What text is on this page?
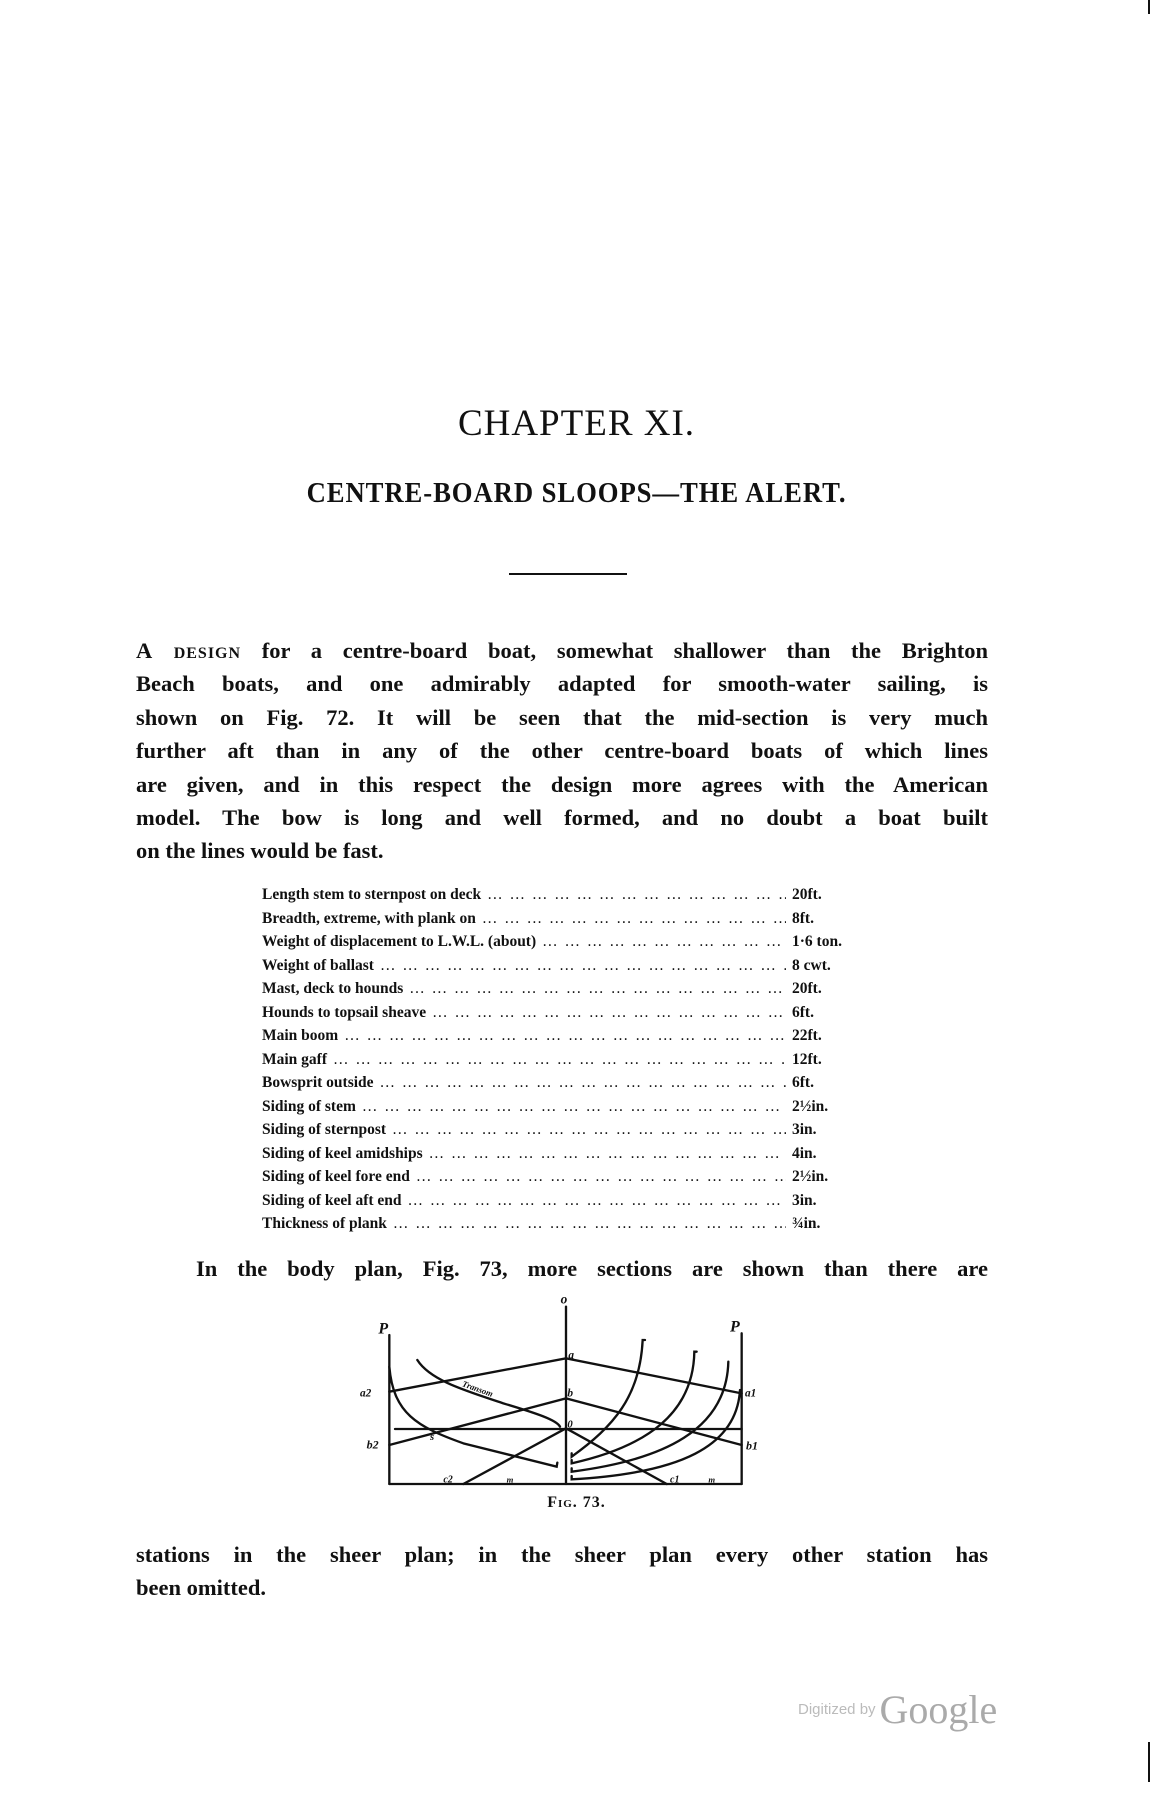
CHAPTER XI.
CENTRE-BOARD SLOOPS—THE ALERT.
A design for a centre-board boat, somewhat shallower than the Brighton
Beach boats, and one admirably adapted for smooth-water sailing, is
shown on Fig. 72. It will be seen that the mid-section is very much
further aft than in any of the other centre-board boats of which lines
are given, and in this respect the design more agrees with the American
model. The bow is long and well formed, and no doubt a boat built
on the lines would be fast.
Length stem to sternpost on deck … … … … … … … … … … … … … … … … … … … … … … … … … … … … … … … … … … … … … … …	20ft.
Breadth, extreme, with plank on … … … … … … … … … … … … … … … … … … … … … … … … … … … … … … … … … … … … … … …	8ft.
Weight of displacement to L.W.L. (about) … … … … … … … … … … … … … … … … … … … … … … … … … … … … … … … … … … … … … … …	1·6 ton.
Weight of ballast … … … … … … … … … … … … … … … … … … … … … … … … … … … … … … … … … … … … … … …	8 cwt.
Mast, deck to hounds … … … … … … … … … … … … … … … … … … … … … … … … … … … … … … … … … … … … … … …	20ft.
Hounds to topsail sheave … … … … … … … … … … … … … … … … … … … … … … … … … … … … … … … … … … … … … … …	6ft.
Main boom … … … … … … … … … … … … … … … … … … … … … … … … … … … … … … … … … … … … … … …	22ft.
Main gaff … … … … … … … … … … … … … … … … … … … … … … … … … … … … … … … … … … … … … … …	12ft.
Bowsprit outside … … … … … … … … … … … … … … … … … … … … … … … … … … … … … … … … … … … … … … …	6ft.
Siding of stem … … … … … … … … … … … … … … … … … … … … … … … … … … … … … … … … … … … … … … …	2½in.
Siding of sternpost … … … … … … … … … … … … … … … … … … … … … … … … … … … … … … … … … … … … … … …	3in.
Siding of keel amidships … … … … … … … … … … … … … … … … … … … … … … … … … … … … … … … … … … … … … … …	4in.
Siding of keel fore end … … … … … … … … … … … … … … … … … … … … … … … … … … … … … … … … … … … … … … …	2½in.
Siding of keel aft end … … … … … … … … … … … … … … … … … … … … … … … … … … … … … … … … … … … … … … …	3in.
Thickness of plank … … … … … … … … … … … … … … … … … … … … … … … … … … … … … … … … … … … … … … …	¾in.
In the body plan, Fig. 73, more sections are shown than there are
P	P
o
a
a2	a1
b
b2	b1
0
s
c2	c1
m	m
Transom
Fig. 73.
stations in the sheer plan; in the sheer plan every other station has
been omitted.
Digitized by Google
